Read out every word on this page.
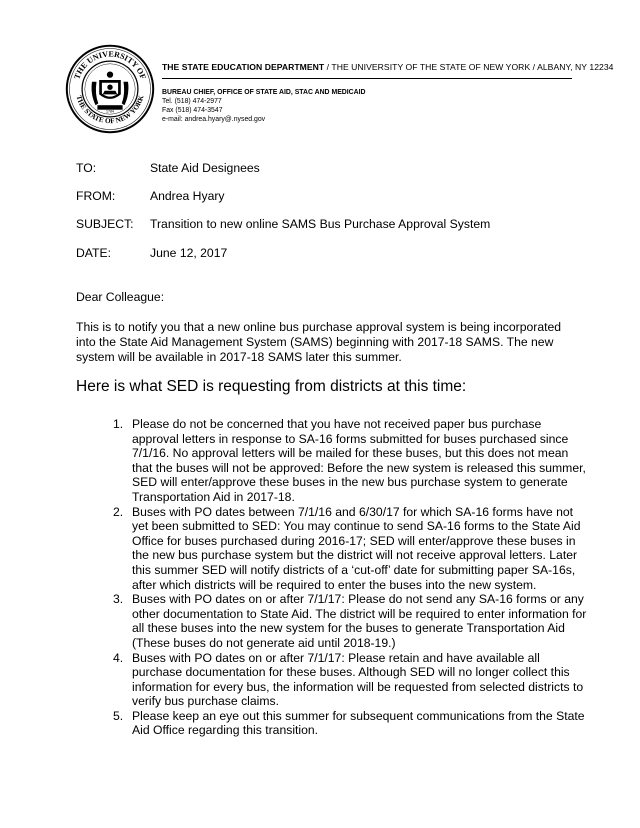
THE UNIVERSITY OF
THE STATE OF NEW YORK
1784
THE STATE EDUCATION DEPARTMENT / THE UNIVERSITY OF THE STATE OF NEW YORK / ALBANY, NY 12234
BUREAU CHIEF, OFFICE OF STATE AID, STAC AND MEDICAID
Tel. (518) 474-2977
Fax (518) 474-3547
e-mail: andrea.hyary@.nysed.gov
TO:	State Aid Designees
FROM:	Andrea Hyary
SUBJECT: Transition to new online SAMS Bus Purchase Approval System
DATE:	June 12, 2017
Dear Colleague:
This is to notify you that a new online bus purchase approval system is being incorporated into the State Aid Management System (SAMS) beginning with 2017-18 SAMS. The new system will be available in 2017-18 SAMS later this summer.
Here is what SED is requesting from districts at this time:
1. Please do not be concerned that you have not received paper bus purchase approval letters in response to SA-16 forms submitted for buses purchased since 7/1/16. No approval letters will be mailed for these buses, but this does not mean that the buses will not be approved: Before the new system is released this summer, SED will enter/approve these buses in the new bus purchase system to generate Transportation Aid in 2017-18.
2. Buses with PO dates between 7/1/16 and 6/30/17 for which SA-16 forms have not yet been submitted to SED: You may continue to send SA-16 forms to the State Aid Office for buses purchased during 2016-17; SED will enter/approve these buses in the new bus purchase system but the district will not receive approval letters. Later this summer SED will notify districts of a ‘cut-off’ date for submitting paper SA-16s, after which districts will be required to enter the buses into the new system.
3. Buses with PO dates on or after 7/1/17: Please do not send any SA-16 forms or any other documentation to State Aid. The district will be required to enter information for all these buses into the new system for the buses to generate Transportation Aid (These buses do not generate aid until 2018-19.)
4. Buses with PO dates on or after 7/1/17: Please retain and have available all purchase documentation for these buses. Although SED will no longer collect this information for every bus, the information will be requested from selected districts to verify bus purchase claims.
5. Please keep an eye out this summer for subsequent communications from the State Aid Office regarding this transition.
